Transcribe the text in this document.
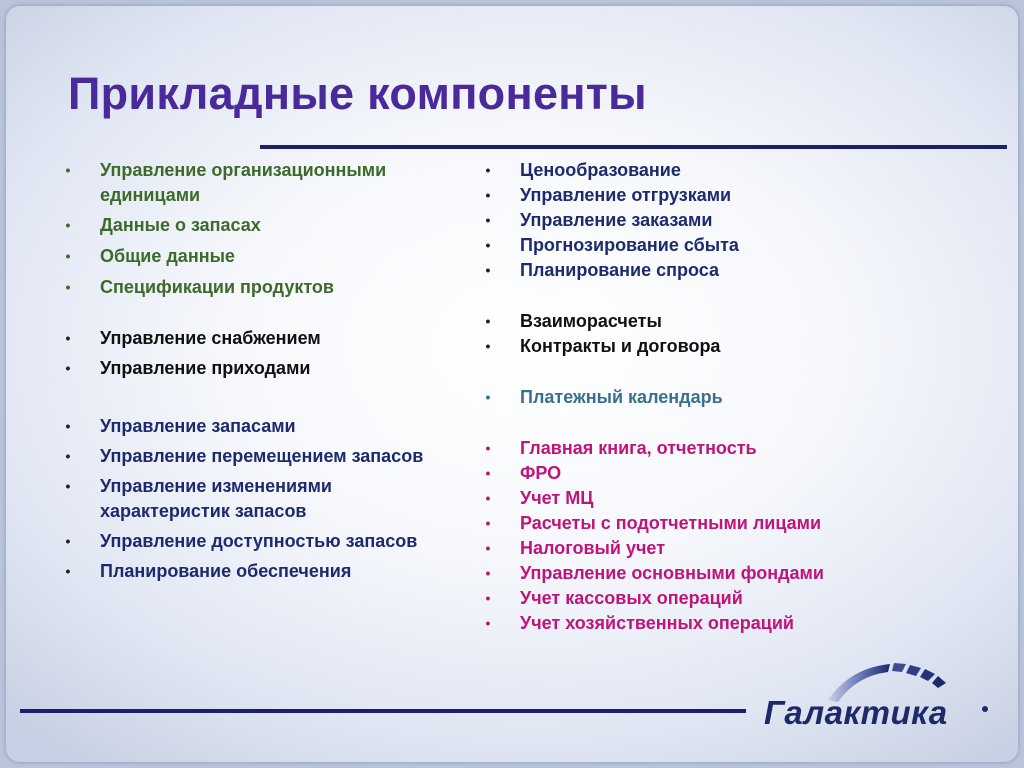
Прикладные компоненты
•	Управление организационными единицами
•	Данные о запасах
•	Общие данные
•	Спецификации продуктов
•	Управление снабжением
•	Управление приходами
•	Управление запасами
•	Управление перемещением запасов
•	Управление изменениями характеристик запасов
•	Управление доступностью запасов
•	Планирование обеспечения
•	Ценообразование
•	Управление отгрузками
•	Управление заказами
•	Прогнозирование сбыта
•	Планирование спроса
•	Взаиморасчеты
•	Контракты и договора
•	Платежный календарь
•	Главная книга, отчетность
•	ФРО
•	Учет МЦ
•	Расчеты с подотчетными лицами
•	Налоговый учет
•	Управление основными фондами
•	Учет кассовых операций
•	Учет хозяйственных операций
Галактика
